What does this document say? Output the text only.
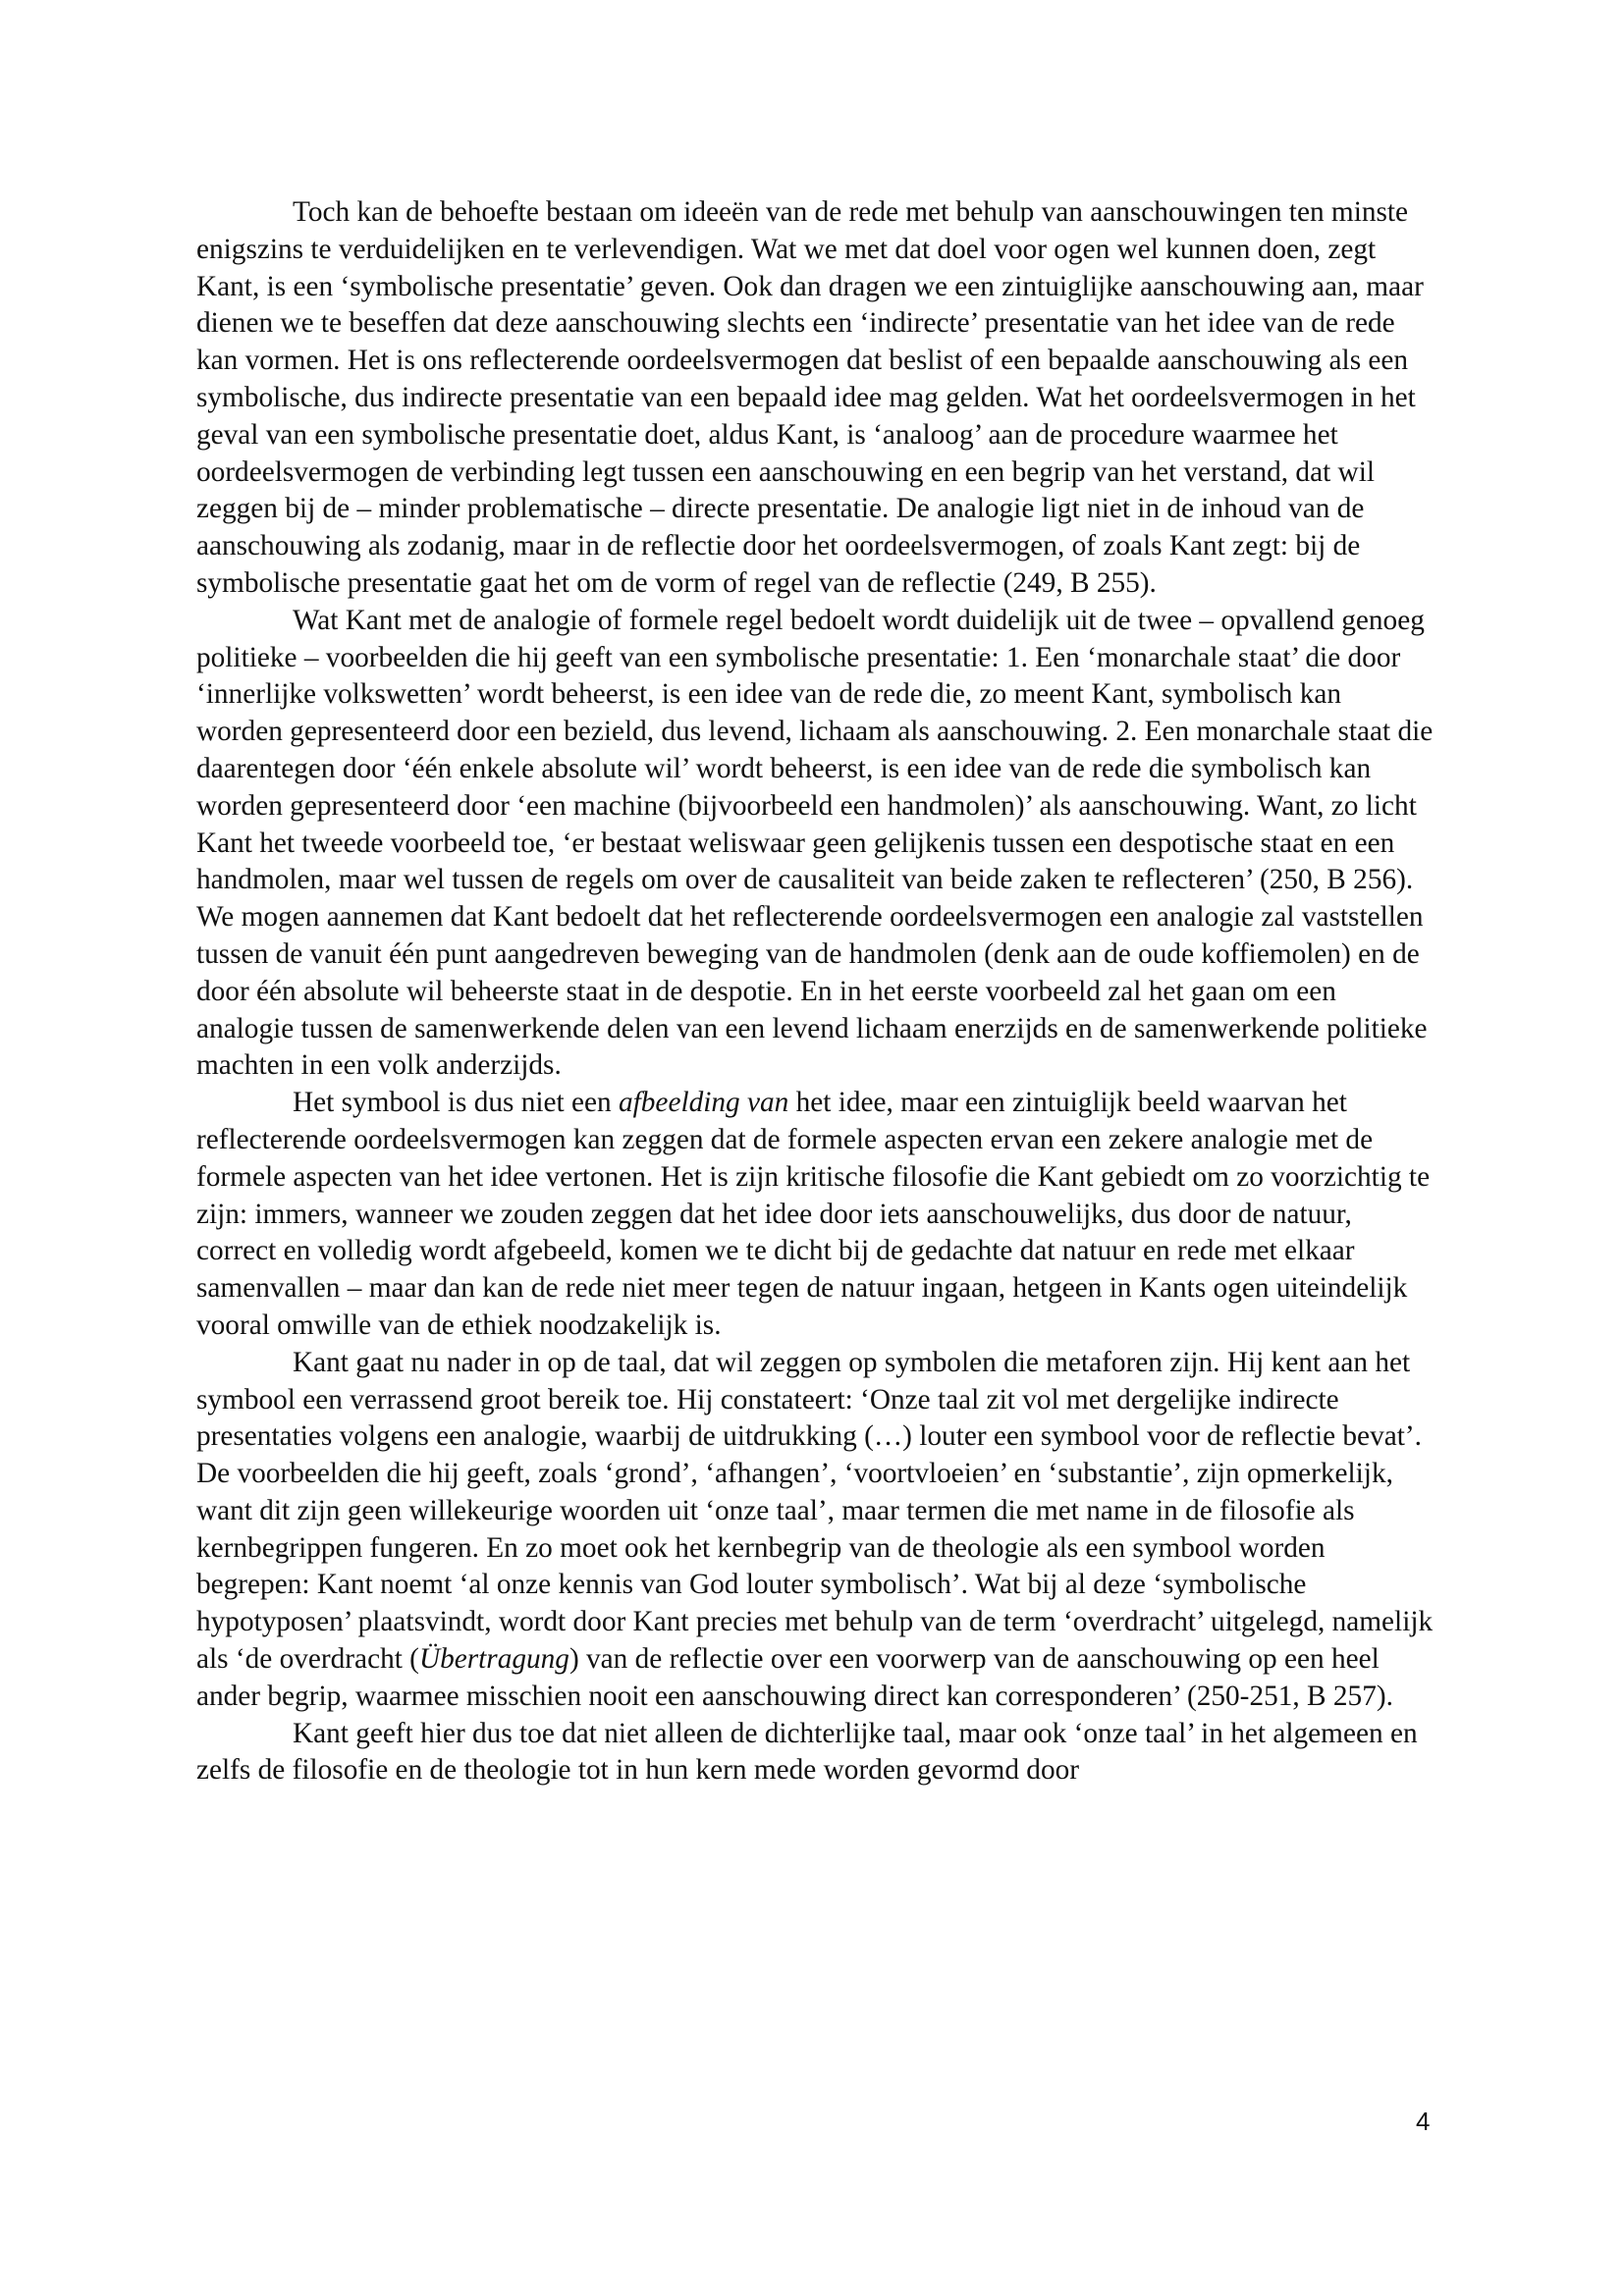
Toch kan de behoefte bestaan om ideeën van de rede met behulp van aanschouwingen ten minste enigszins te verduidelijken en te verlevendigen. Wat we met dat doel voor ogen wel kunnen doen, zegt Kant, is een ‘symbolische presentatie’ geven. Ook dan dragen we een zintuiglijke aanschouwing aan, maar dienen we te beseffen dat deze aanschouwing slechts een ‘indirecte’ presentatie van het idee van de rede kan vormen. Het is ons reflecterende oordeelsvermogen dat beslist of een bepaalde aanschouwing als een symbolische, dus indirecte presentatie van een bepaald idee mag gelden. Wat het oordeelsvermogen in het geval van een symbolische presentatie doet, aldus Kant, is ‘analoog’ aan de procedure waarmee het oordeelsvermogen de verbinding legt tussen een aanschouwing en een begrip van het verstand, dat wil zeggen bij de – minder problematische – directe presentatie. De analogie ligt niet in de inhoud van de aanschouwing als zodanig, maar in de reflectie door het oordeelsvermogen, of zoals Kant zegt: bij de symbolische presentatie gaat het om de vorm of regel van de reflectie (249, B 255).

Wat Kant met de analogie of formele regel bedoelt wordt duidelijk uit de twee – opvallend genoeg politieke – voorbeelden die hij geeft van een symbolische presentatie: 1. Een ‘monarchale staat’ die door ‘innerlijke volkswetten’ wordt beheerst, is een idee van de rede die, zo meent Kant, symbolisch kan worden gepresenteerd door een bezield, dus levend, lichaam als aanschouwing. 2. Een monarchale staat die daarentegen door ‘één enkele absolute wil’ wordt beheerst, is een idee van de rede die symbolisch kan worden gepresenteerd door ‘een machine (bijvoorbeeld een handmolen)’ als aanschouwing. Want, zo licht Kant het tweede voorbeeld toe, ‘er bestaat weliswaar geen gelijkenis tussen een despotische staat en een handmolen, maar wel tussen de regels om over de causaliteit van beide zaken te reflecteren’ (250, B 256). We mogen aannemen dat Kant bedoelt dat het reflecterende oordeelsvermogen een analogie zal vaststellen tussen de vanuit één punt aangedreven beweging van de handmolen (denk aan de oude koffiemolen) en de door één absolute wil beheerste staat in de despotie. En in het eerste voorbeeld zal het gaan om een analogie tussen de samenwerkende delen van een levend lichaam enerzijds en de samenwerkende politieke machten in een volk anderzijds.

Het symbool is dus niet een afbeelding van het idee, maar een zintuiglijk beeld waarvan het reflecterende oordeelsvermogen kan zeggen dat de formele aspecten ervan een zekere analogie met de formele aspecten van het idee vertonen. Het is zijn kritische filosofie die Kant gebiedt om zo voorzichtig te zijn: immers, wanneer we zouden zeggen dat het idee door iets aanschouwelijks, dus door de natuur, correct en volledig wordt afgebeeld, komen we te dicht bij de gedachte dat natuur en rede met elkaar samenvallen – maar dan kan de rede niet meer tegen de natuur ingaan, hetgeen in Kants ogen uiteindelijk vooral omwille van de ethiek noodzakelijk is.

Kant gaat nu nader in op de taal, dat wil zeggen op symbolen die metaforen zijn. Hij kent aan het symbool een verrassend groot bereik toe. Hij constateert: ‘Onze taal zit vol met dergelijke indirecte presentaties volgens een analogie, waarbij de uitdrukking (…) louter een symbool voor de reflectie bevat’. De voorbeelden die hij geeft, zoals ‘grond’, ‘afhangen’, ‘voortvloeien’ en ‘substantie’, zijn opmerkelijk, want dit zijn geen willekeurige woorden uit ‘onze taal’, maar termen die met name in de filosofie als kernbegrippen fungeren. En zo moet ook het kernbegrip van de theologie als een symbool worden begrepen: Kant noemt ‘al onze kennis van God louter symbolisch’. Wat bij al deze ‘symbolische hypotyposen’ plaatsvindt, wordt door Kant precies met behulp van de term ‘overdracht’ uitgelegd, namelijk als ‘de overdracht (Übertragung) van de reflectie over een voorwerp van de aanschouwing op een heel ander begrip, waarmee misschien nooit een aanschouwing direct kan corresponderen’ (250-251, B 257).

Kant geeft hier dus toe dat niet alleen de dichterlijke taal, maar ook ‘onze taal’ in het algemeen en zelfs de filosofie en de theologie tot in hun kern mede worden gevormd door

4
